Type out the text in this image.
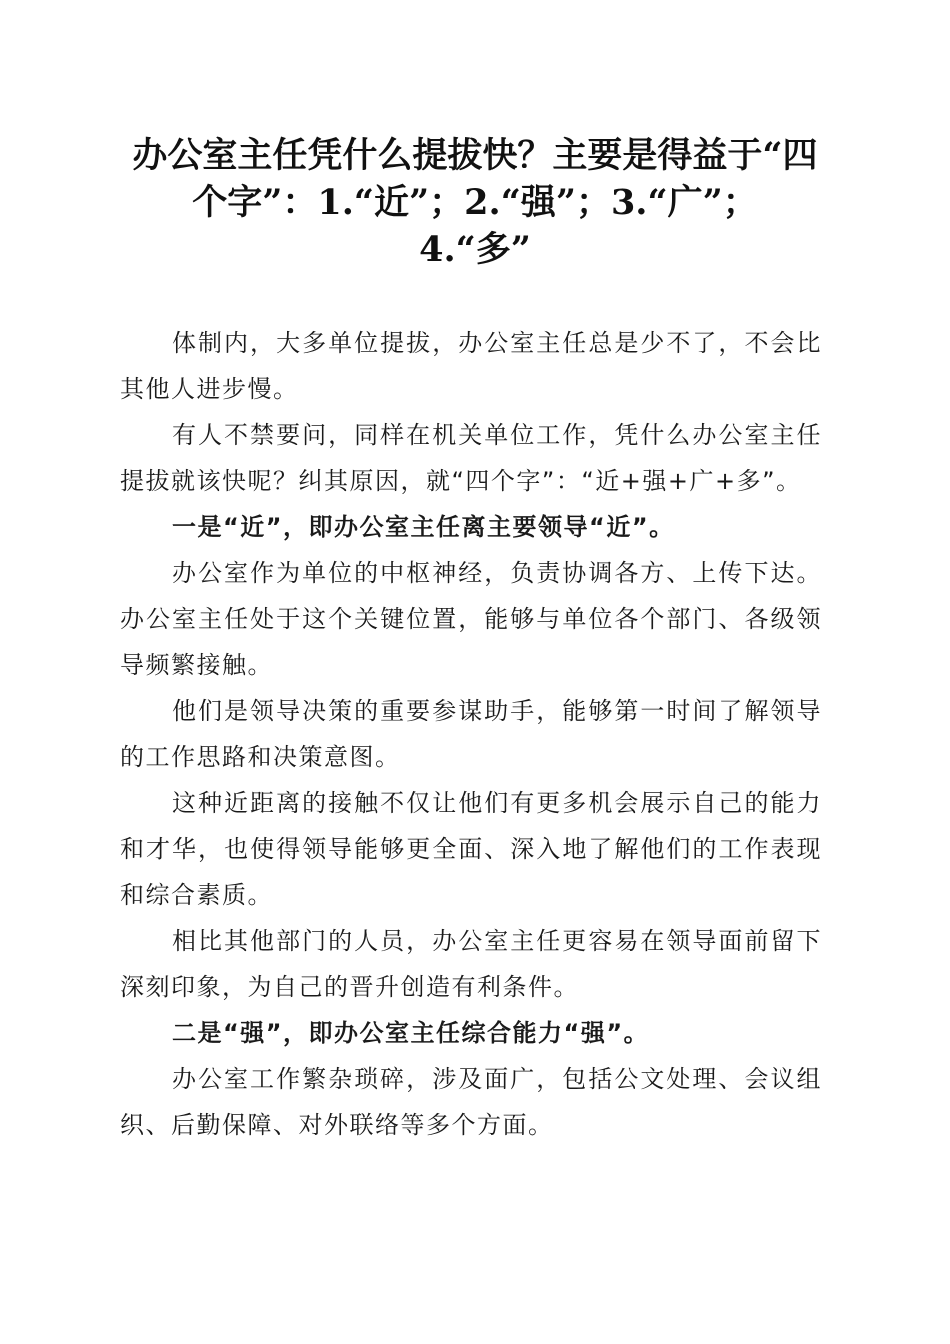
办公室主任凭什么提拔快？主要是得益于“四
个字”：1.“近”；2.“强”；3.“广”；
4.“多”

体制内，大多单位提拔，办公室主任总是少不了，不会比其他人进步慢。

有人不禁要问，同样在机关单位工作，凭什么办公室主任提拔就该快呢？纠其原因，就“四个字”：“近+强+广+多”。

一是“近”，即办公室主任离主要领导“近”。

办公室作为单位的中枢神经，负责协调各方、上传下达。办公室主任处于这个关键位置，能够与单位各个部门、各级领导频繁接触。

他们是领导决策的重要参谋助手，能够第一时间了解领导的工作思路和决策意图。

这种近距离的接触不仅让他们有更多机会展示自己的能力和才华，也使得领导能够更全面、深入地了解他们的工作表现和综合素质。

相比其他部门的人员，办公室主任更容易在领导面前留下深刻印象，为自己的晋升创造有利条件。

二是“强”，即办公室主任综合能力“强”。

办公室工作繁杂琐碎，涉及面广，包括公文处理、会议组织、后勤保障、对外联络等多个方面。
